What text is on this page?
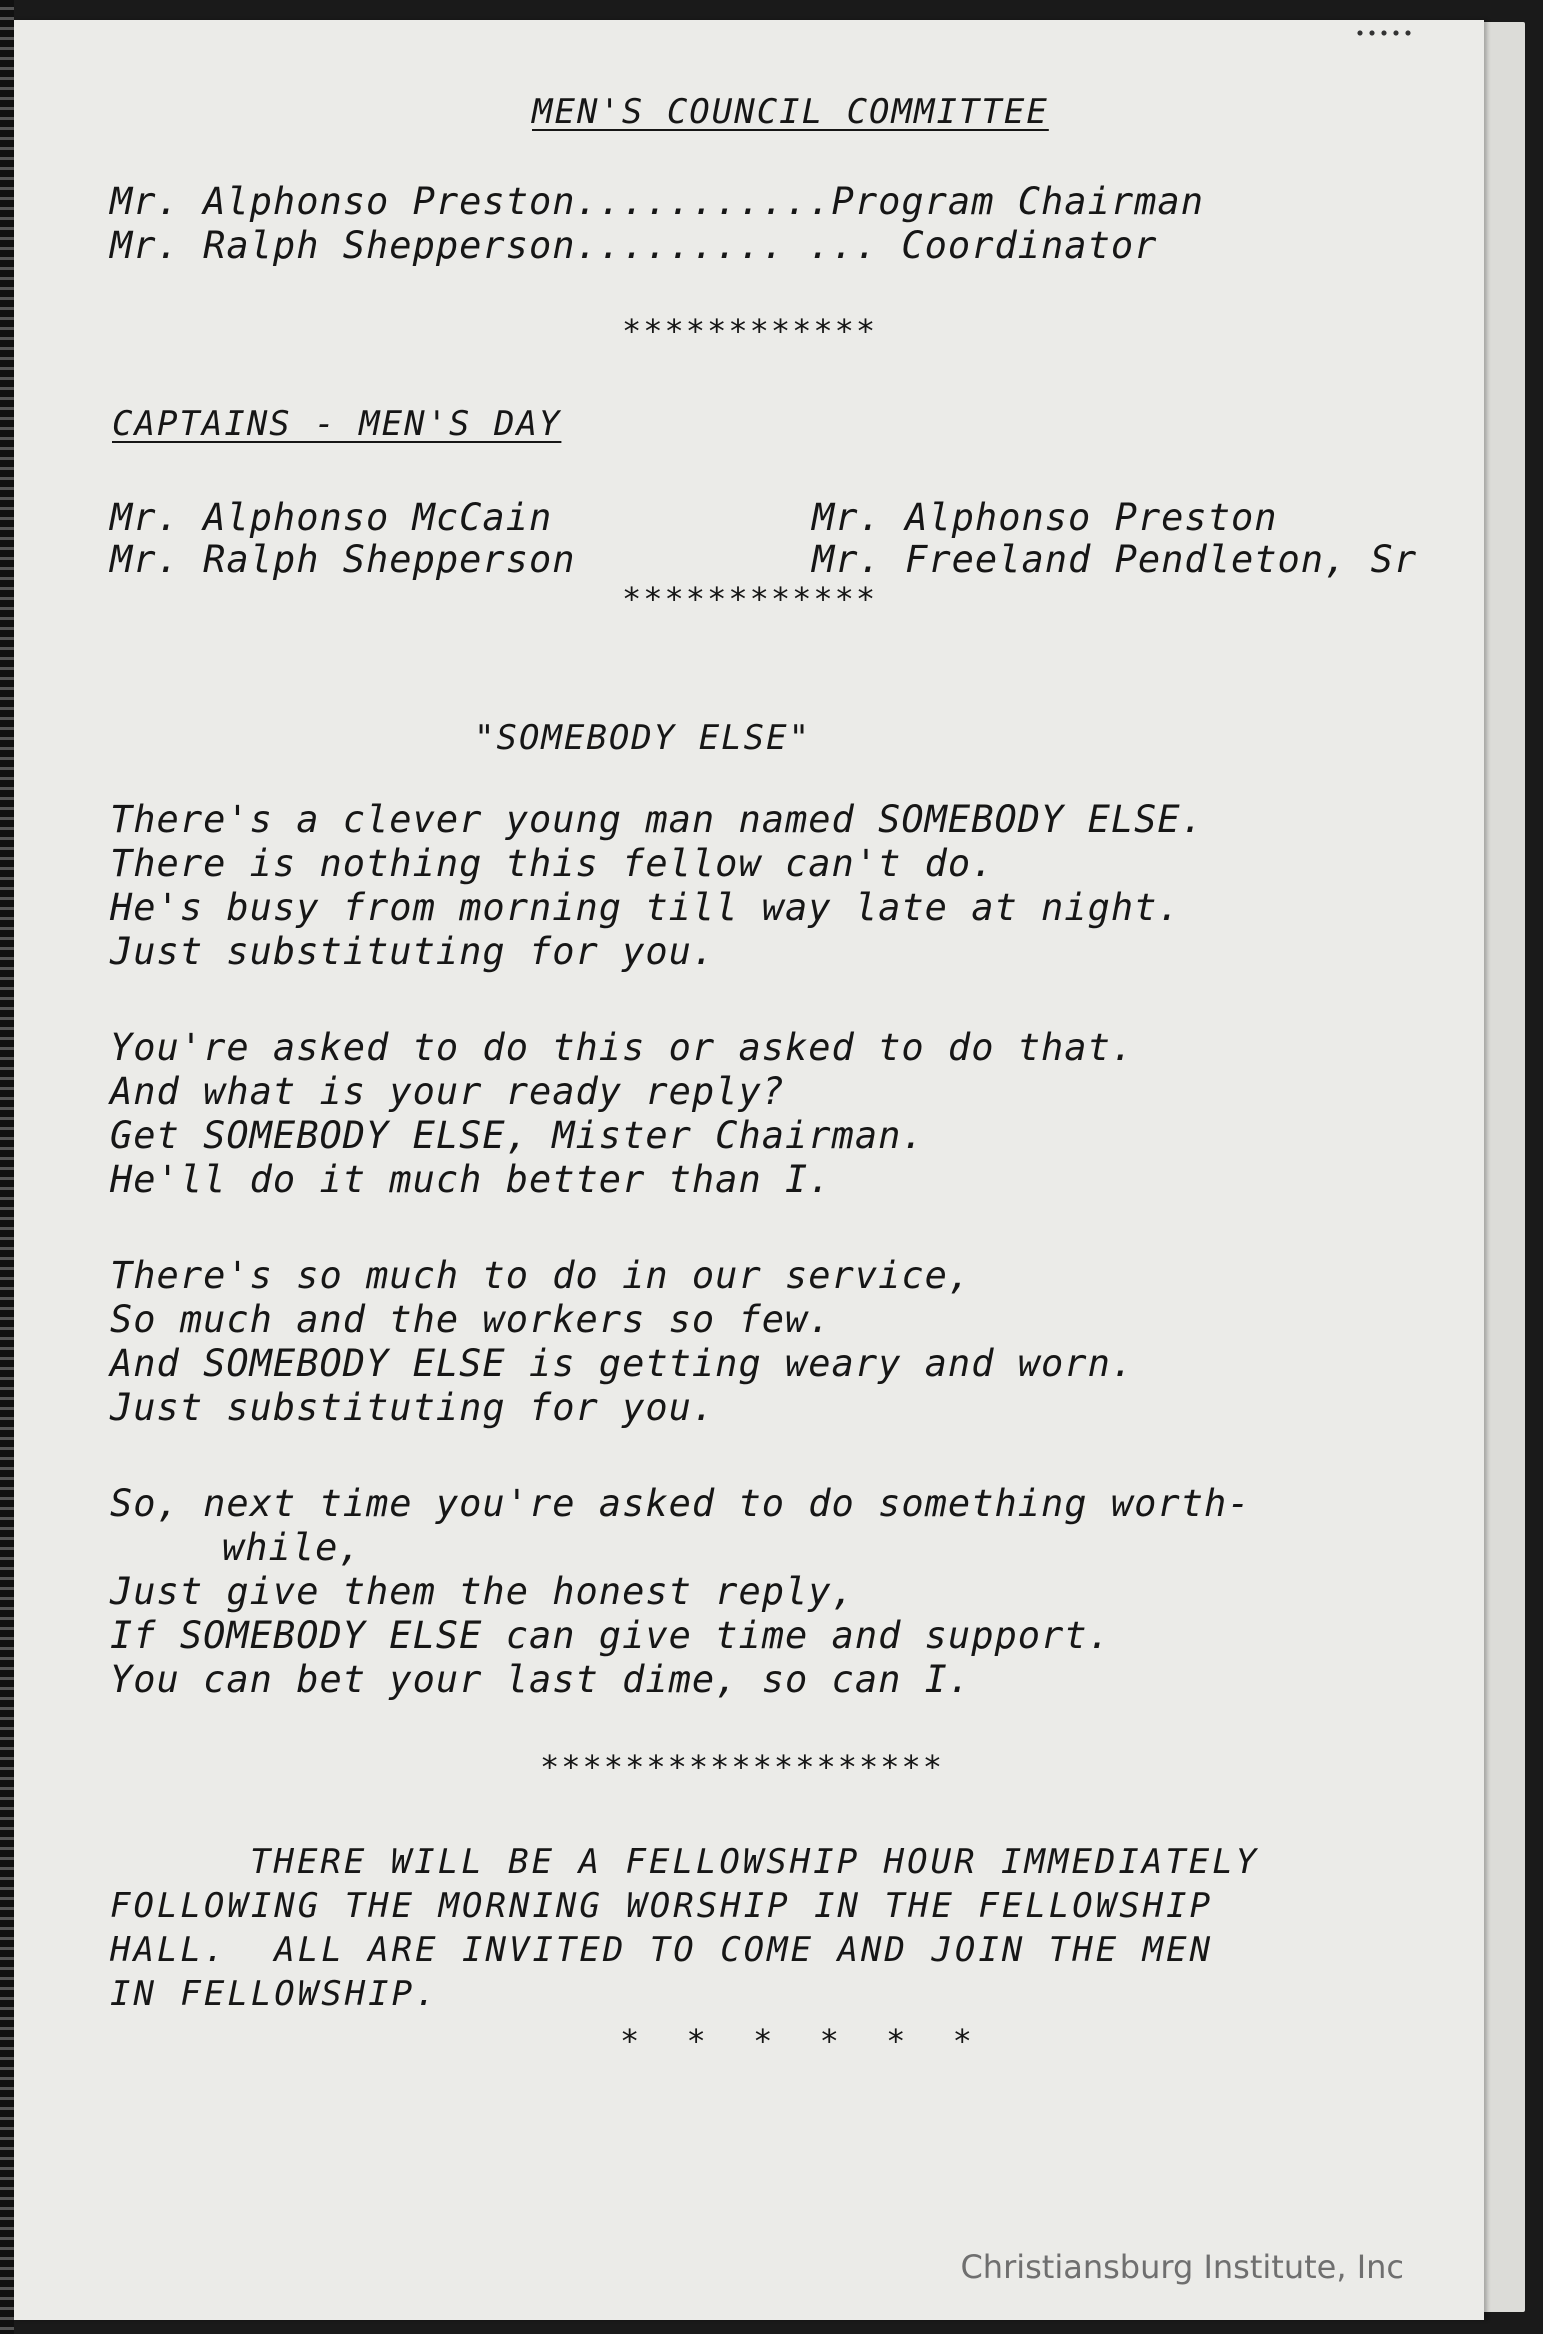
MEN'S COUNCIL COMMITTEE
Mr. Alphonso Preston...........Program Chairman
Mr. Ralph Shepperson......... ... Coordinator
************
CAPTAINS - MEN'S DAY
Mr. Alphonso McCain
Mr. Ralph Shepperson
Mr. Alphonso Preston
Mr. Freeland Pendleton, Sr
************
"SOMEBODY ELSE"
There's a clever young man named SOMEBODY ELSE.
There is nothing this fellow can't do.
He's busy from morning till way late at night.
Just substituting for you.
You're asked to do this or asked to do that.
And what is your ready reply?
Get SOMEBODY ELSE, Mister Chairman.
He'll do it much better than I.
There's so much to do in our service,
So much and the workers so few.
And SOMEBODY ELSE is getting weary and worn.
Just substituting for you.
So, next time you're asked to do something worth-
while,
Just give them the honest reply,
If SOMEBODY ELSE can give time and support.
You can bet your last dime, so can I.
*******************
THERE WILL BE A FELLOWSHIP HOUR IMMEDIATELY
FOLLOWING THE MORNING WORSHIP IN THE FELLOWSHIP
HALL.  ALL ARE INVITED TO COME AND JOIN THE MEN
IN FELLOWSHIP.
* * * * * *
Christiansburg Institute, Inc
